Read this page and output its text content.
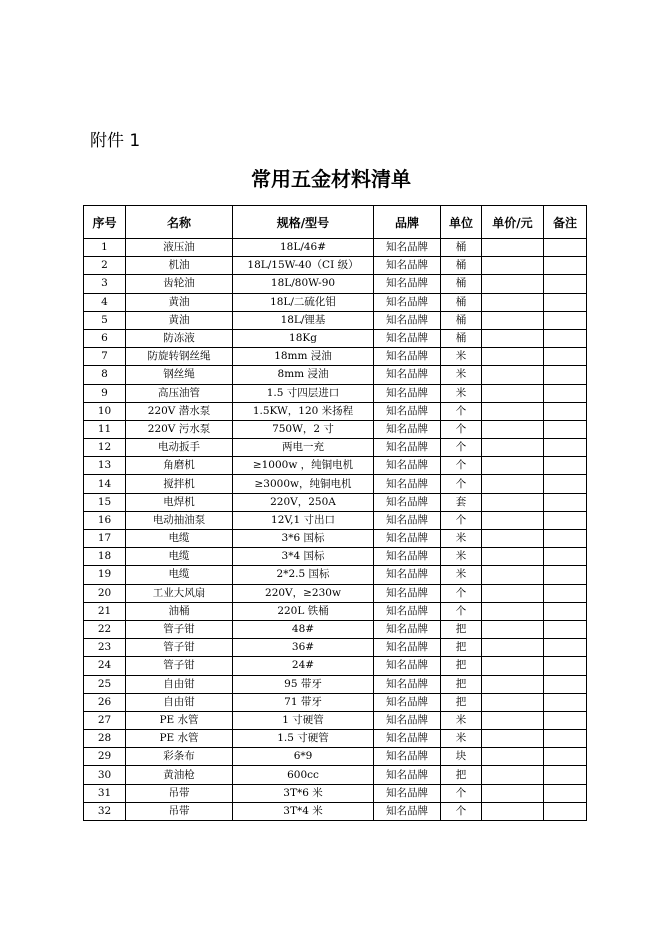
附件 1
常用五金材料清单
序号	名称	规格/型号	品牌	单位	单价/元	备注
1	液压油	18L/46#	知名品牌	桶		
2	机油	18L/15W-40（CI 级）	知名品牌	桶		
3	齿轮油	18L/80W-90	知名品牌	桶		
4	黄油	18L/二硫化钼	知名品牌	桶		
5	黄油	18L/锂基	知名品牌	桶		
6	防冻液	18Kg	知名品牌	桶		
7	防旋转钢丝绳	18mm 浸油	知名品牌	米		
8	钢丝绳	8mm 浸油	知名品牌	米		
9	高压油管	1.5 寸四层进口	知名品牌	米		
10	220V 潜水泵	1.5KW，120 米扬程	知名品牌	个		
11	220V 污水泵	750W，2 寸	知名品牌	个		
12	电动扳手	两电一充	知名品牌	个		
13	角磨机	≥1000w ，纯铜电机	知名品牌	个		
14	搅拌机	≥3000w，纯铜电机	知名品牌	个		
15	电焊机	220V，250A	知名品牌	套		
16	电动抽油泵	12V,1 寸出口	知名品牌	个		
17	电缆	3*6 国标	知名品牌	米		
18	电缆	3*4 国标	知名品牌	米		
19	电缆	2*2.5 国标	知名品牌	米		
20	工业大风扇	220V，≥230w	知名品牌	个		
21	油桶	220L 铁桶	知名品牌	个		
22	管子钳	48#	知名品牌	把		
23	管子钳	36#	知名品牌	把		
24	管子钳	24#	知名品牌	把		
25	自由钳	95 带牙	知名品牌	把		
26	自由钳	71 带牙	知名品牌	把		
27	PE 水管	1 寸硬管	知名品牌	米		
28	PE 水管	1.5 寸硬管	知名品牌	米		
29	彩条布	6*9	知名品牌	块		
30	黄油枪	600cc	知名品牌	把		
31	吊带	3T*6 米	知名品牌	个		
32	吊带	3T*4 米	知名品牌	个		
